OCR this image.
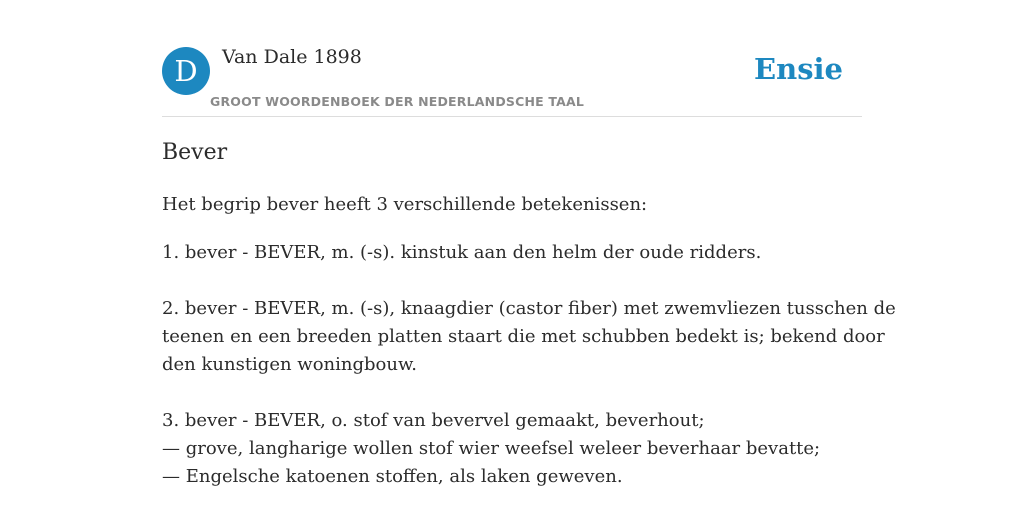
D	Van Dale 1898
GROOT WOORDENBOEK DER NEDERLANDSCHE TAAL
Ensie
Bever
Het begrip bever heeft 3 verschillende betekenissen:
1. bever - BEVER, m. (-s). kinstuk aan den helm der oude ridders.
2. bever - BEVER, m. (-s), knaagdier (castor fiber) met zwemvliezen tusschen de
teenen en een breeden platten staart die met schubben bedekt is; bekend door
den kunstigen woningbouw.
3. bever - BEVER, o. stof van bevervel gemaakt, beverhout;
— grove, langharige wollen stof wier weefsel weleer beverhaar bevatte;
— Engelsche katoenen stoffen, als laken geweven.
